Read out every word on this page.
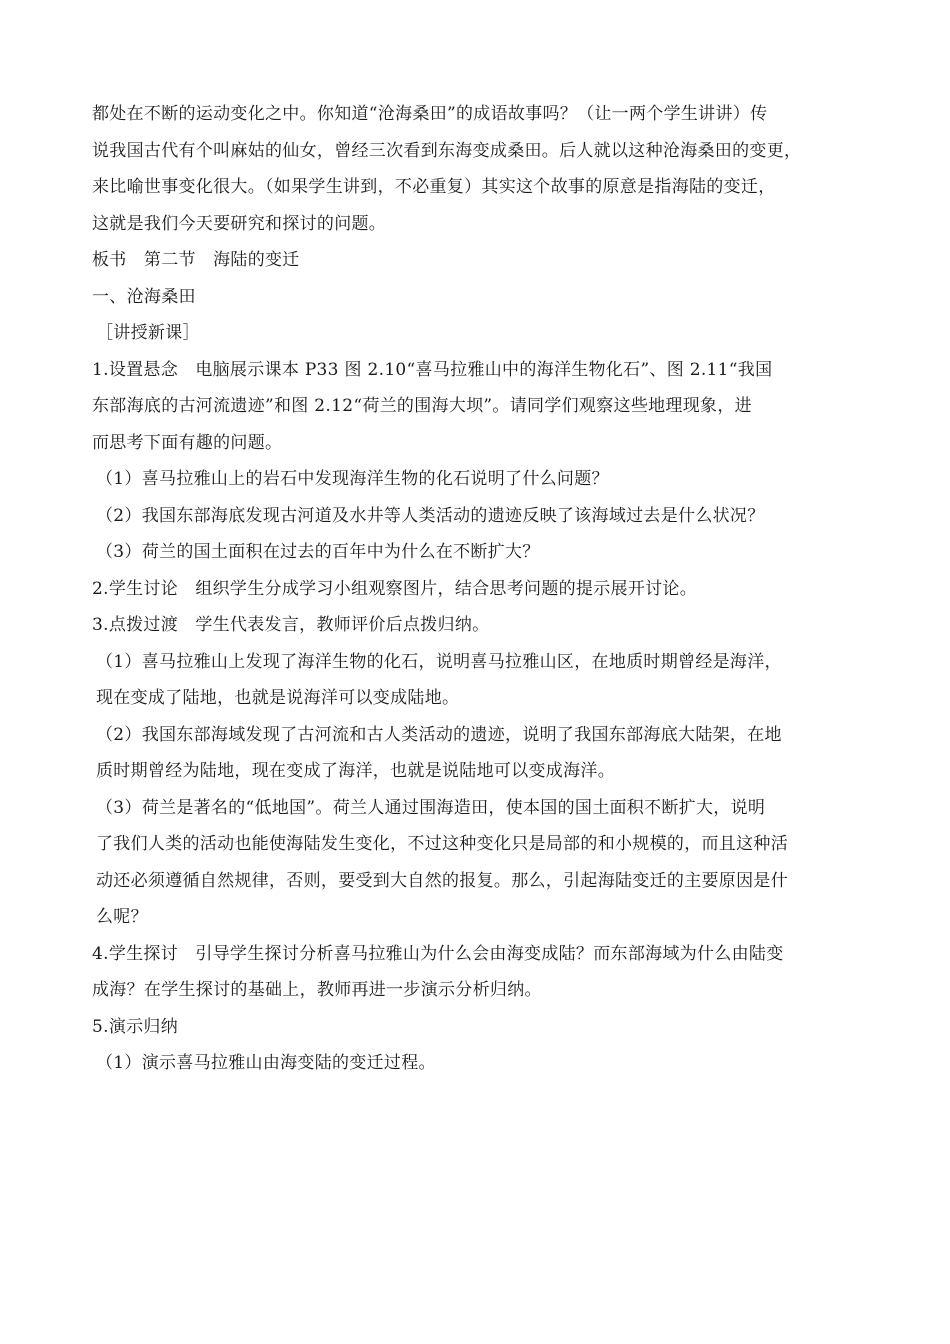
都处在不断的运动变化之中。你知道“沧海桑田”的成语故事吗？（让一两个学生讲讲）传
说我国古代有个叫麻姑的仙女，曾经三次看到东海变成桑田。后人就以这种沧海桑田的变更，
来比喻世事变化很大。（如果学生讲到，不必重复）其实这个故事的原意是指海陆的变迁，
这就是我们今天要研究和探讨的问题。
板书　第二节　海陆的变迁
一、沧海桑田
［讲授新课］
1.设置悬念　电脑展示课本 P33 图 2.10“喜马拉雅山中的海洋生物化石”、图 2.11“我国
东部海底的古河流遗迹”和图 2.12“荷兰的围海大坝”。请同学们观察这些地理现象，进
而思考下面有趣的问题。
（1）喜马拉雅山上的岩石中发现海洋生物的化石说明了什么问题？
（2）我国东部海底发现古河道及水井等人类活动的遗迹反映了该海域过去是什么状况？
（3）荷兰的国土面积在过去的百年中为什么在不断扩大？
2.学生讨论　组织学生分成学习小组观察图片，结合思考问题的提示展开讨论。
3.点拨过渡　学生代表发言，教师评价后点拨归纳。
（1）喜马拉雅山上发现了海洋生物的化石，说明喜马拉雅山区，在地质时期曾经是海洋，
现在变成了陆地，也就是说海洋可以变成陆地。
（2）我国东部海域发现了古河流和古人类活动的遗迹，说明了我国东部海底大陆架，在地
质时期曾经为陆地，现在变成了海洋，也就是说陆地可以变成海洋。
（3）荷兰是著名的“低地国”。荷兰人通过围海造田，使本国的国土面积不断扩大，说明
了我们人类的活动也能使海陆发生变化，不过这种变化只是局部的和小规模的，而且这种活
动还必须遵循自然规律，否则，要受到大自然的报复。那么，引起海陆变迁的主要原因是什
么呢？
4.学生探讨　引导学生探讨分析喜马拉雅山为什么会由海变成陆？而东部海域为什么由陆变
成海？在学生探讨的基础上，教师再进一步演示分析归纳。
5.演示归纳
（1）演示喜马拉雅山由海变陆的变迁过程。
